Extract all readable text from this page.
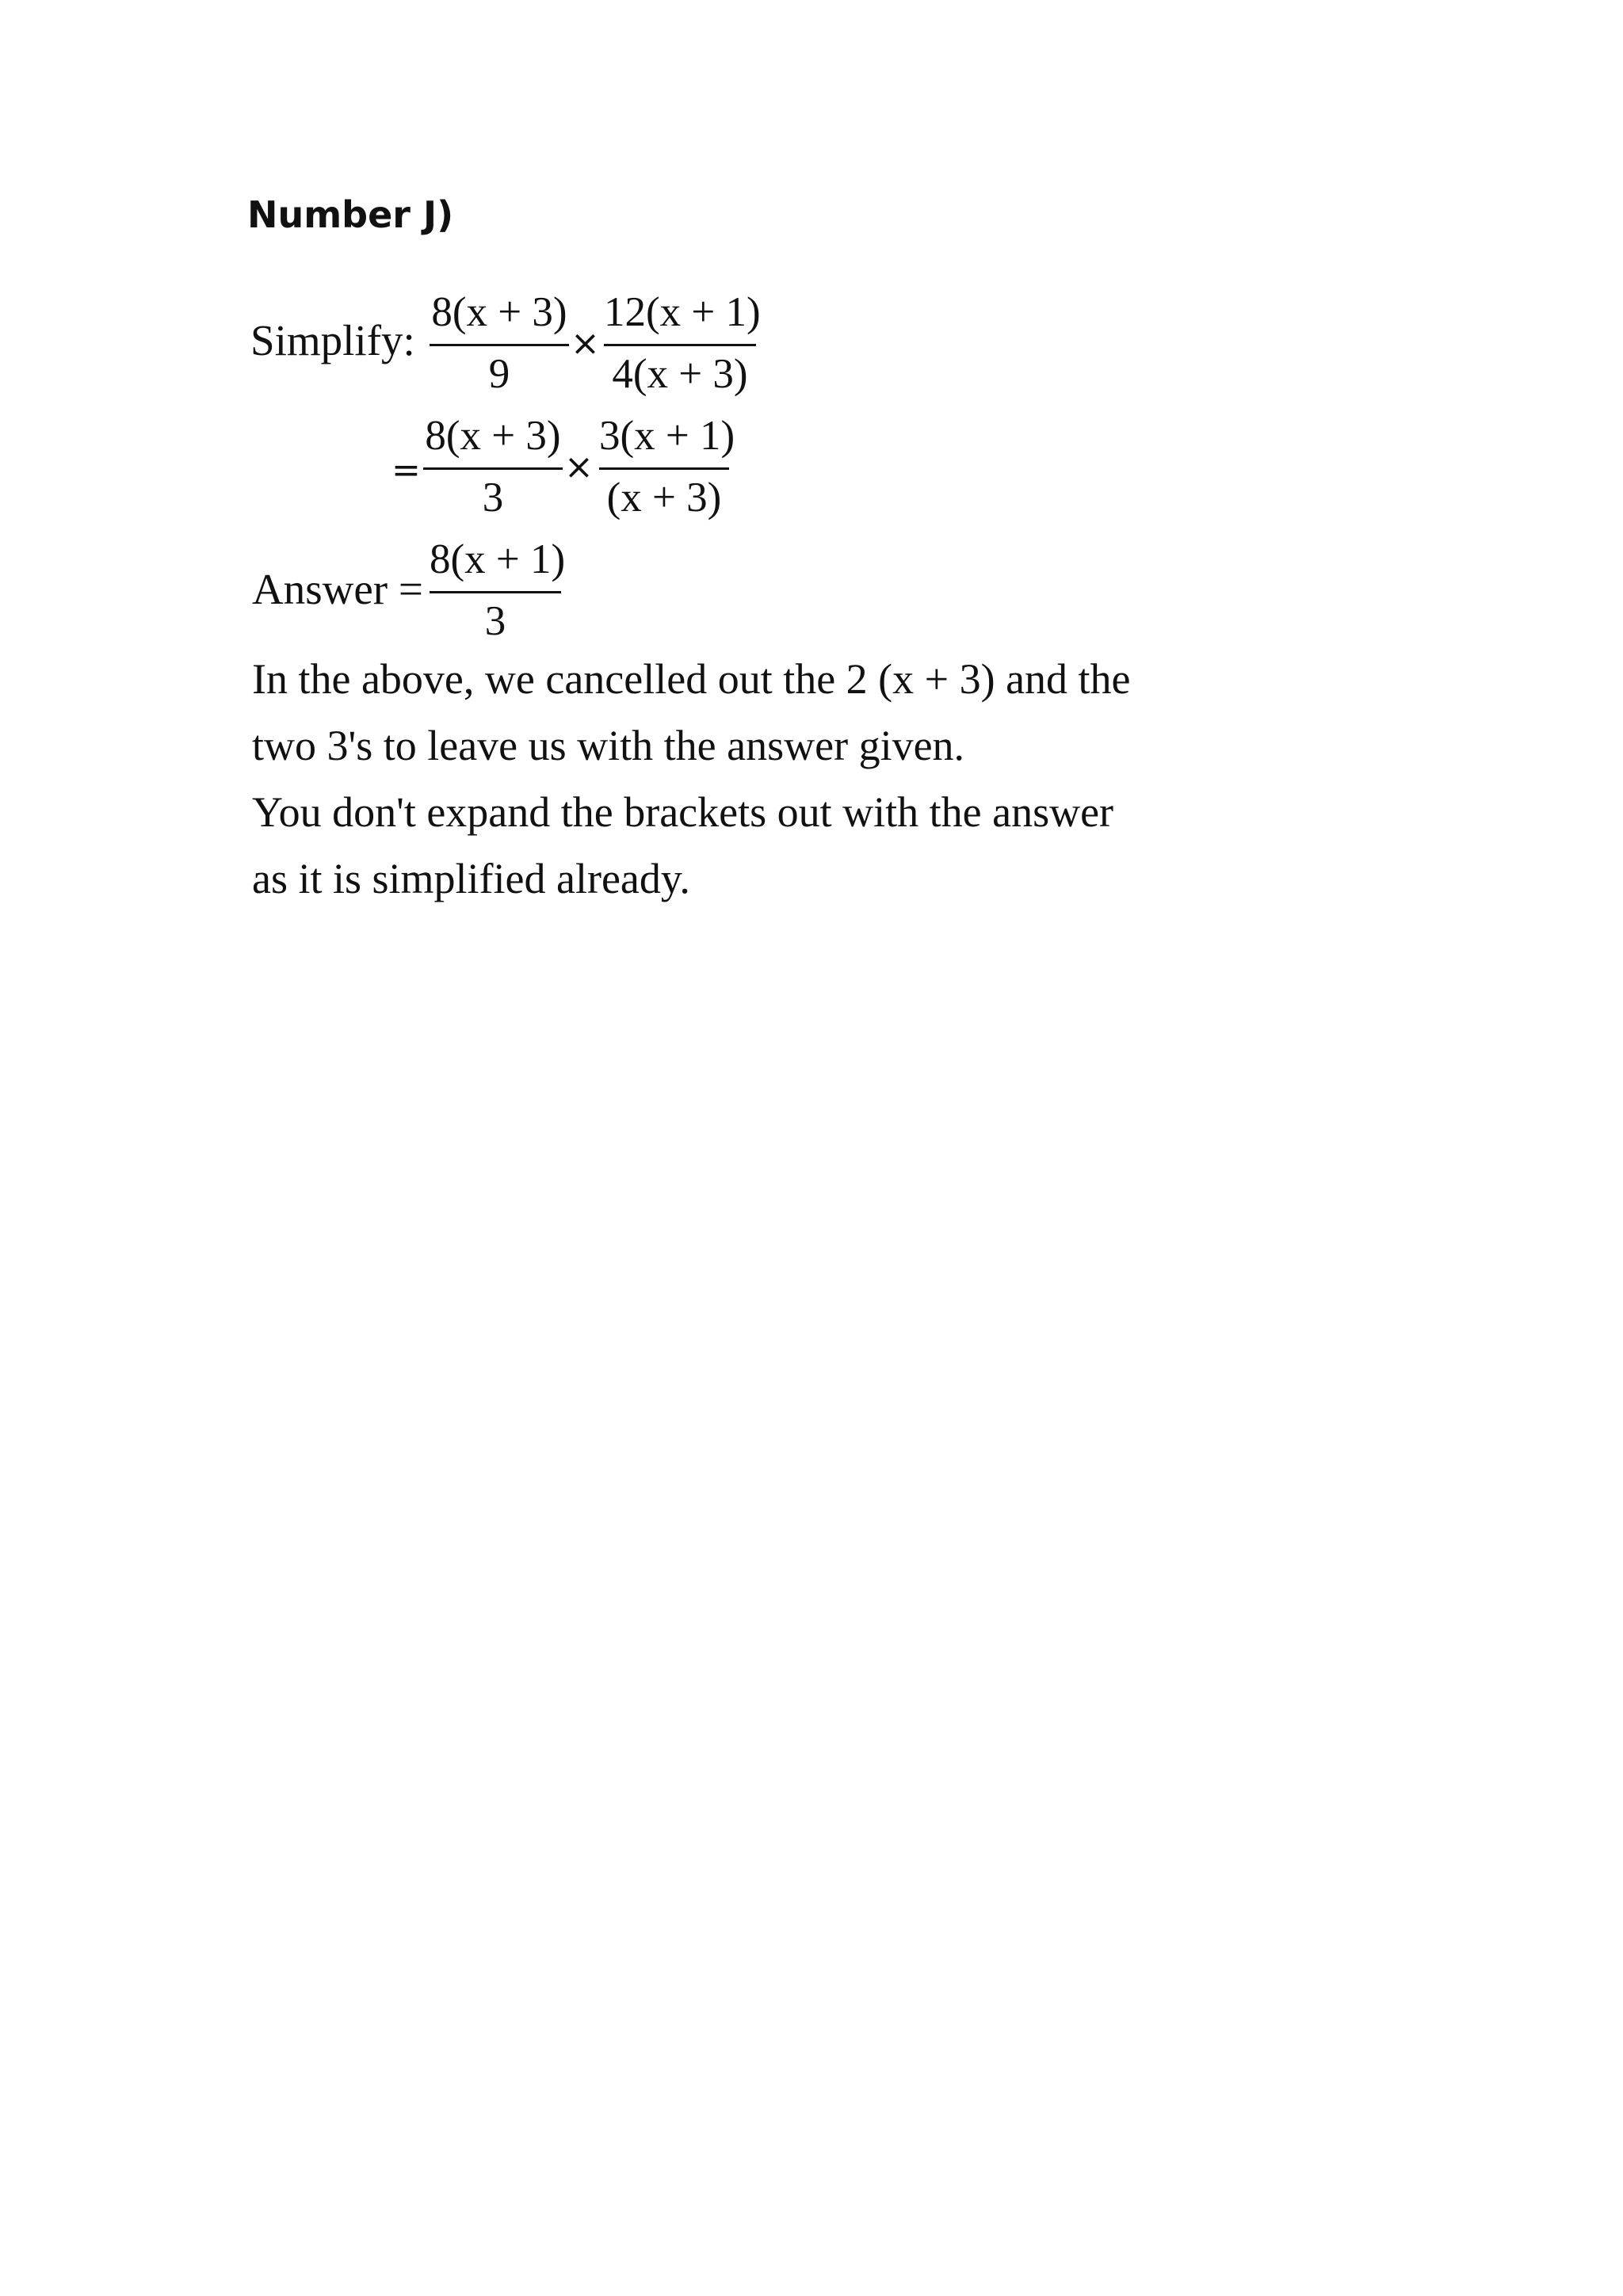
Number J)
Simplify:
8(x + 3)
9
×
12(x + 1)
4(x + 3)
=
8(x + 3)
3
×
3(x + 1)
(x + 3)
Answer =
8(x + 1)
3
In the above, we cancelled out the 2 (x + 3) and the
two 3's to leave us with the answer given.
You don't expand the brackets out with the answer
as it is simplified already.
